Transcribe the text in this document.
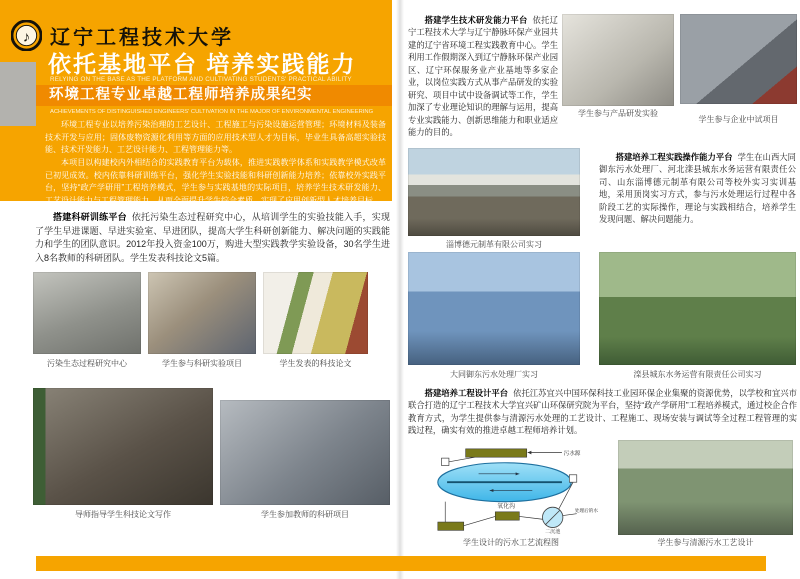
♪ 辽宁工程技术大学
依托基地平台 培养实践能力
RELYING ON THE BASE AS THE PLATFORM AND CULTIVATING STUDENTS' PRACTICAL ABILITY
环境工程专业卓越工程师培养成果纪实
ACHIEVEMENTS OF DISTINGUISHED ENGINEERS' CULTIVATION IN THE MAJOR OF ENVIRONMENTAL ENGINEERING

环境工程专业以培养污染治理的工艺设计、工程施工与污染设施运营管理；环境材料及装备技术开发与应用；固体废物资源化利用等方面的应用技术型人才为目标，毕业生具备高超实验技能、技术开发能力、工艺设计能力、工程管理能力等。

本项目以构建校内外相结合的实践教育平台为载体，推进实践教学体系和实践教学模式改革已初见成效。校内依靠科研训练平台，强化学生实验技能和科研创新能力培养；依靠校外实践平台，坚持“政产学研用”工程培养模式，学生参与实践基地的实际项目，培养学生技术研发能力、工艺设计能力与工程管理能力，从而全面提升学生综合素质，实现了应用创新型人才培养目标。

搭建科研训练平台 依托污染生态过程研究中心，从培训学生的实验技能入手，实现了学生早进课题、早进实验室、早进团队，提高大学生科研创新能力、解决问题的实践能力和学生的团队意识。2012年投入资金100万，购进大型实践教学实验设备，30名学生进入8名教师的科研团队。学生发表科技论文5篇。

污染生态过程研究中心	学生参与科研实验项目	学生发表的科技论文
导师指导学生科技论文写作	学生参加教师的科研项目

搭建学生技术研发能力平台 依托辽宁工程技术大学与辽宁静脉环保产业园共建的辽宁省环境工程实践教育中心。学生利用工作假期深入到辽宁静脉环保产业园区、辽宁环保服务业产业基地等多家企业，以岗位实践方式从事产品研发的实验研究、项目中试中设备调试等工作，学生加深了专业理论知识的理解与运用，提高专业实践能力、创新思维能力和职业适应能力的目的。

学生参与产品研发实验
学生参与企业中试项目
淄博德元制革有限公司实习

搭建培养工程实践操作能力平台 学生在山西大同御东污水处理厂、河北滦县城东水务运营有限责任公司、山东淄博德元制革有限公司等校外实习实训基地，采用顶岗实习方式，参与污水处理运行过程中各阶段工艺的实际操作，理论与实践相结合，培养学生发现问题、解决问题能力。

大同御东污水处理厂实习	滦县城东水务运营有限责任公司实习

搭建培养工程设计平台 依托江苏宜兴中国环保科技工业园环保企业集聚的资源优势，以学校和宜兴市联合打造的辽宁工程技术大学宜兴矿山环保研究院为平台，坚持“政产学研用”工程培养模式，通过校企合作教育方式，为学生提供参与清源污水处理的工艺设计、工程施工、现场安装与调试等全过程工程管理的实践过程，确实有效的推进卓越工程师培养计划。

污水源
氧化沟
二沉池
处理后的水
学生设计的污水工艺流程图	学生参与清源污水工艺设计
